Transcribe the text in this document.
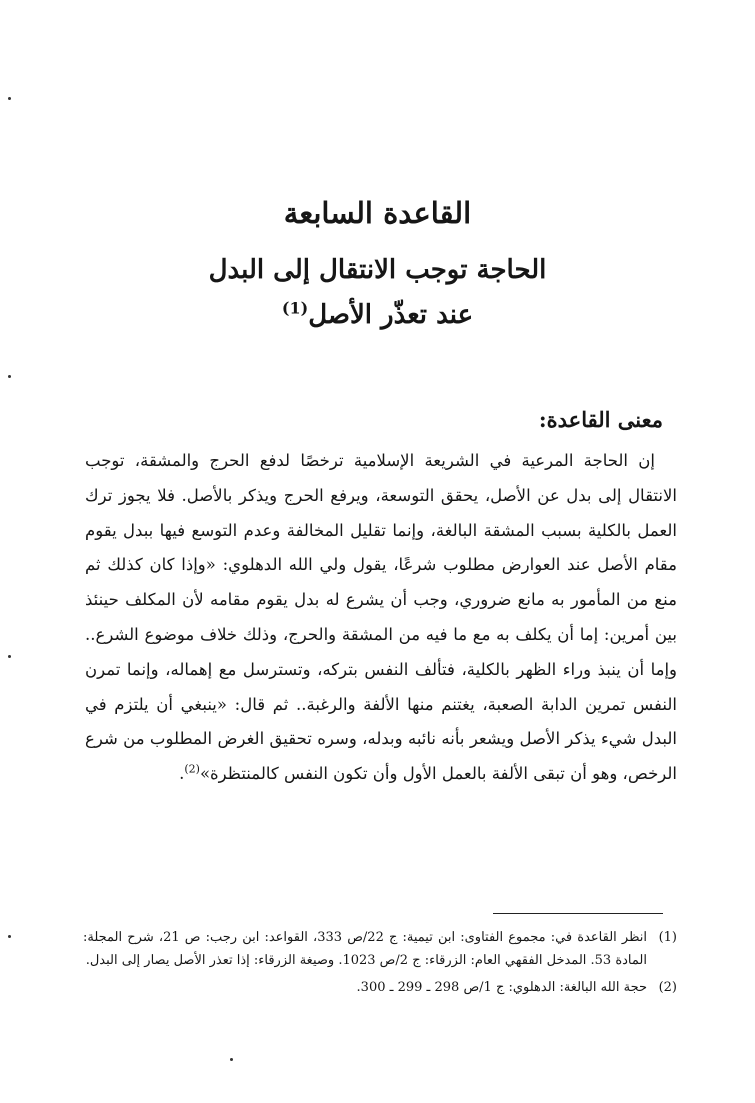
القاعدة السابعة
الحاجة توجب الانتقال إلى البدل
عند تعذّر الأصل$^{(1)}$
معنى القاعدة:

إن الحاجة المرعية في الشريعة الإسلامية ترخصًا لدفع الحرج والمشقة، توجب الانتقال إلى بدل عن الأصل، يحقق التوسعة، ويرفع الحرج ويذكر بالأصل. فلا يجوز ترك العمل بالكلية بسبب المشقة البالغة، وإنما تقليل المخالفة وعدم التوسع فيها ببدل يقوم مقام الأصل عند العوارض مطلوب شرعًا، يقول ولي الله الدهلوي: «وإذا كان كذلك ثم منع من المأمور به مانع ضروري، وجب أن يشرع له بدل يقوم مقامه لأن المكلف حينئذ بين أمرين: إما أن يكلف به مع ما فيه من المشقة والحرج، وذلك خلاف موضوع الشرع.. وإما أن ينبذ وراء الظهر بالكلية، فتألف النفس بتركه، وتسترسل مع إهماله، وإنما تمرن النفس تمرين الدابة الصعبة، يغتنم منها الألفة والرغبة.. ثم قال: «ينبغي أن يلتزم في البدل شيء يذكر الأصل ويشعر بأنه نائبه وبدله، وسره تحقيق الغرض المطلوب من شرع الرخص، وهو أن تبقى الألفة بالعمل الأول وأن تكون النفس كالمنتظرة»$^{(2)}$.

(1)
انظر القاعدة في: مجموع الفتاوى: ابن تيمية: ج 22/ص 333، القواعد: ابن رجب: ص 21، شرح المجلة: المادة 53. المدخل الفقهي العام: الزرقاء: ج 2/ص 1023. وصيغة الزرقاء: إذا تعذر الأصل يصار إلى البدل.
(2)
حجة الله البالغة: الدهلوي: ج 1/ص 298 ـ 299 ـ 300.
